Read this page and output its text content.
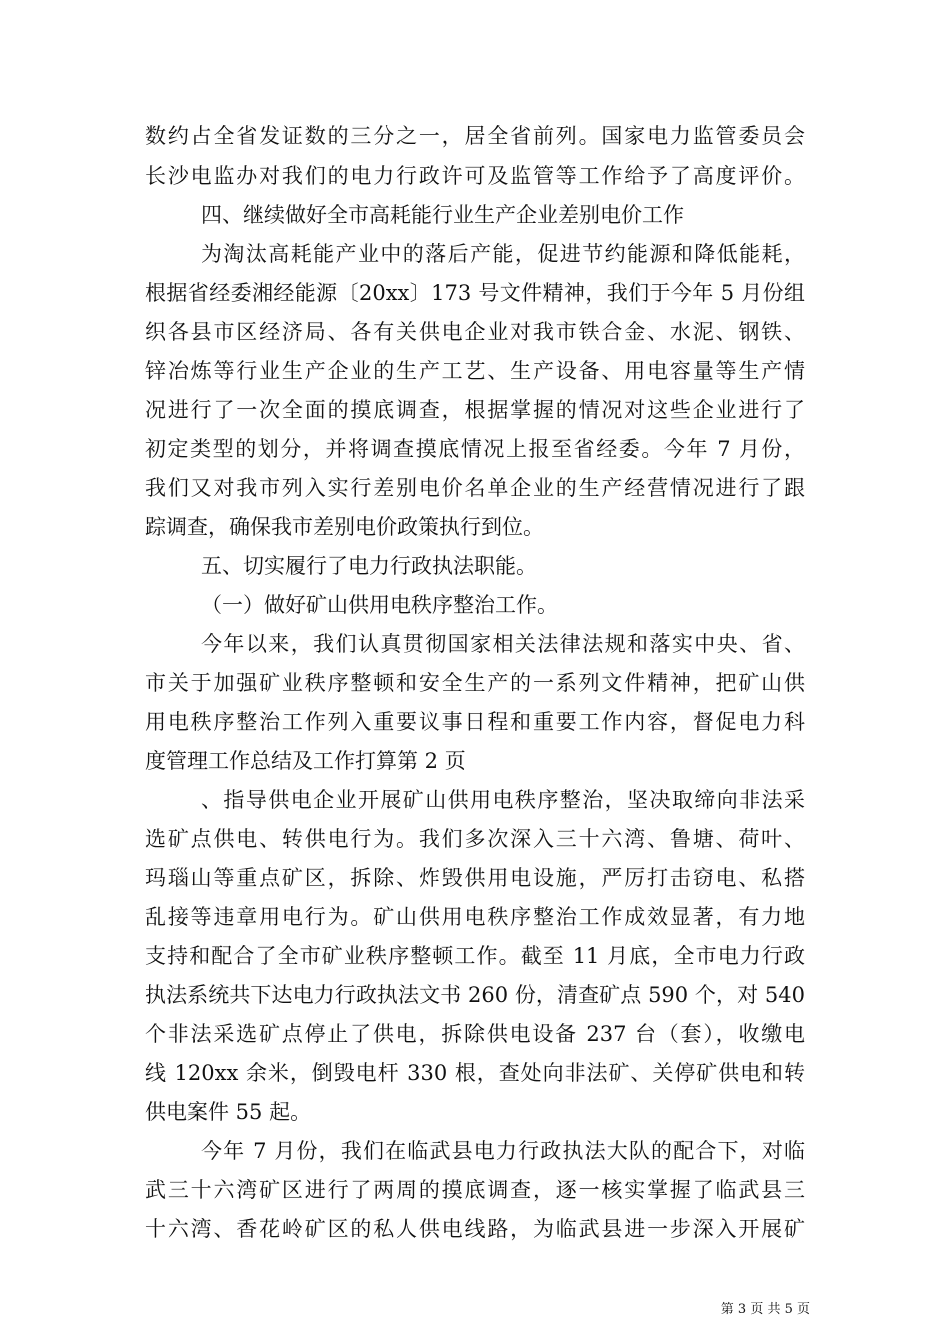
数约占全省发证数的三分之一，居全省前列。国家电力监管委员会
长沙电监办对我们的电力行政许可及监管等工作给予了高度评价。
四、继续做好全市高耗能行业生产企业差别电价工作
为淘汰高耗能产业中的落后产能，促进节约能源和降低能耗，
根据省经委湘经能源〔20xx〕173 号文件精神，我们于今年 5 月份组
织各县市区经济局、各有关供电企业对我市铁合金、水泥、钢铁、
锌冶炼等行业生产企业的生产工艺、生产设备、用电容量等生产情
况进行了一次全面的摸底调查，根据掌握的情况对这些企业进行了
初定类型的划分，并将调查摸底情况上报至省经委。今年 7 月份，
我们又对我市列入实行差别电价名单企业的生产经营情况进行了跟
踪调查，确保我市差别电价政策执行到位。
五、切实履行了电力行政执法职能。
（一）做好矿山供用电秩序整治工作。
今年以来，我们认真贯彻国家相关法律法规和落实中央、省、
市关于加强矿业秩序整顿和安全生产的一系列文件精神，把矿山供
用电秩序整治工作列入重要议事日程和重要工作内容，督促电力科
度管理工作总结及工作打算第 2 页
、指导供电企业开展矿山供用电秩序整治，坚决取缔向非法采
选矿点供电、转供电行为。我们多次深入三十六湾、鲁塘、荷叶、
玛瑙山等重点矿区，拆除、炸毁供用电设施，严厉打击窃电、私搭
乱接等违章用电行为。矿山供用电秩序整治工作成效显著，有力地
支持和配合了全市矿业秩序整顿工作。截至 11 月底，全市电力行政
执法系统共下达电力行政执法文书 260 份，清查矿点 590 个，对 540
个非法采选矿点停止了供电，拆除供电设备 237 台（套），收缴电
线 120xx 余米，倒毁电杆 330 根，查处向非法矿、关停矿供电和转
供电案件 55 起。
今年 7 月份，我们在临武县电力行政执法大队的配合下，对临
武三十六湾矿区进行了两周的摸底调查，逐一核实掌握了临武县三
十六湾、香花岭矿区的私人供电线路，为临武县进一步深入开展矿
第 3 页 共 5 页
